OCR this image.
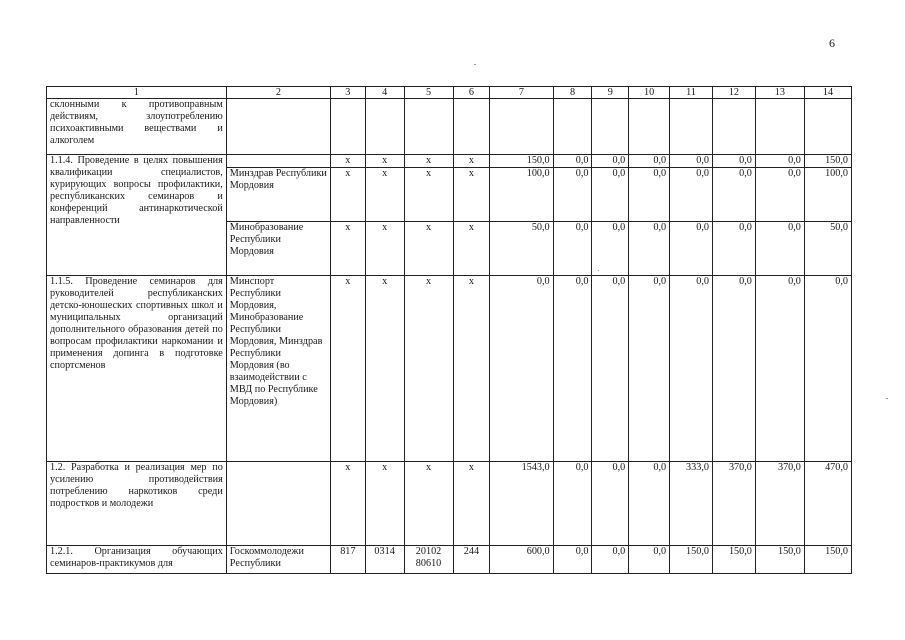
6
1	2	3	4	5	6	7	8	9	10	11	12	13	14
склонными к противоправным действиям, злоупотреблению психоактивными веществами и алкоголем													
1.1.4. Проведение в целях повышения квалификации специалистов, курирующих вопросы профилактики, республиканских семинаров и конференций антинаркотической направленности		x	x	x	x	150,0	0,0	0,0	0,0	0,0	0,0	0,0	150,0
	Минздрав Республики Мордовия	x	x	x	x	100,0	0,0	0,0	0,0	0,0	0,0	0,0	100,0
	Минобразование Республики Мордовия	x	x	x	x	50,0	0,0	0,0	0,0	0,0	0,0	0,0	50,0
1.1.5. Проведение семинаров для руководителей республиканских детско-юношеских спортивных школ и муниципальных организаций дополнительного образования детей по вопросам профилактики наркомании и применения допинга в подготовке спортсменов	Минспорт Республики Мордовия, Минобразование Республики Мордовия, Минздрав Республики Мордовия (во взаимодействии с МВД по Республике Мордовия)	x	x	x	x	0,0	0,0	0,0	0,0	0,0	0,0	0,0	0,0
1.2. Разработка и реализация мер по усилению противодействия потреблению наркотиков среди подростков и молодежи		x	x	x	x	1543,0	0,0	0,0	0,0	333,0	370,0	370,0	470,0
1.2.1. Организация обучающих семинаров-практикумов для	Госкоммолодежи Республики	817	0314	20102 80610	244	600,0	0,0	0,0	0,0	150,0	150,0	150,0	150,0
